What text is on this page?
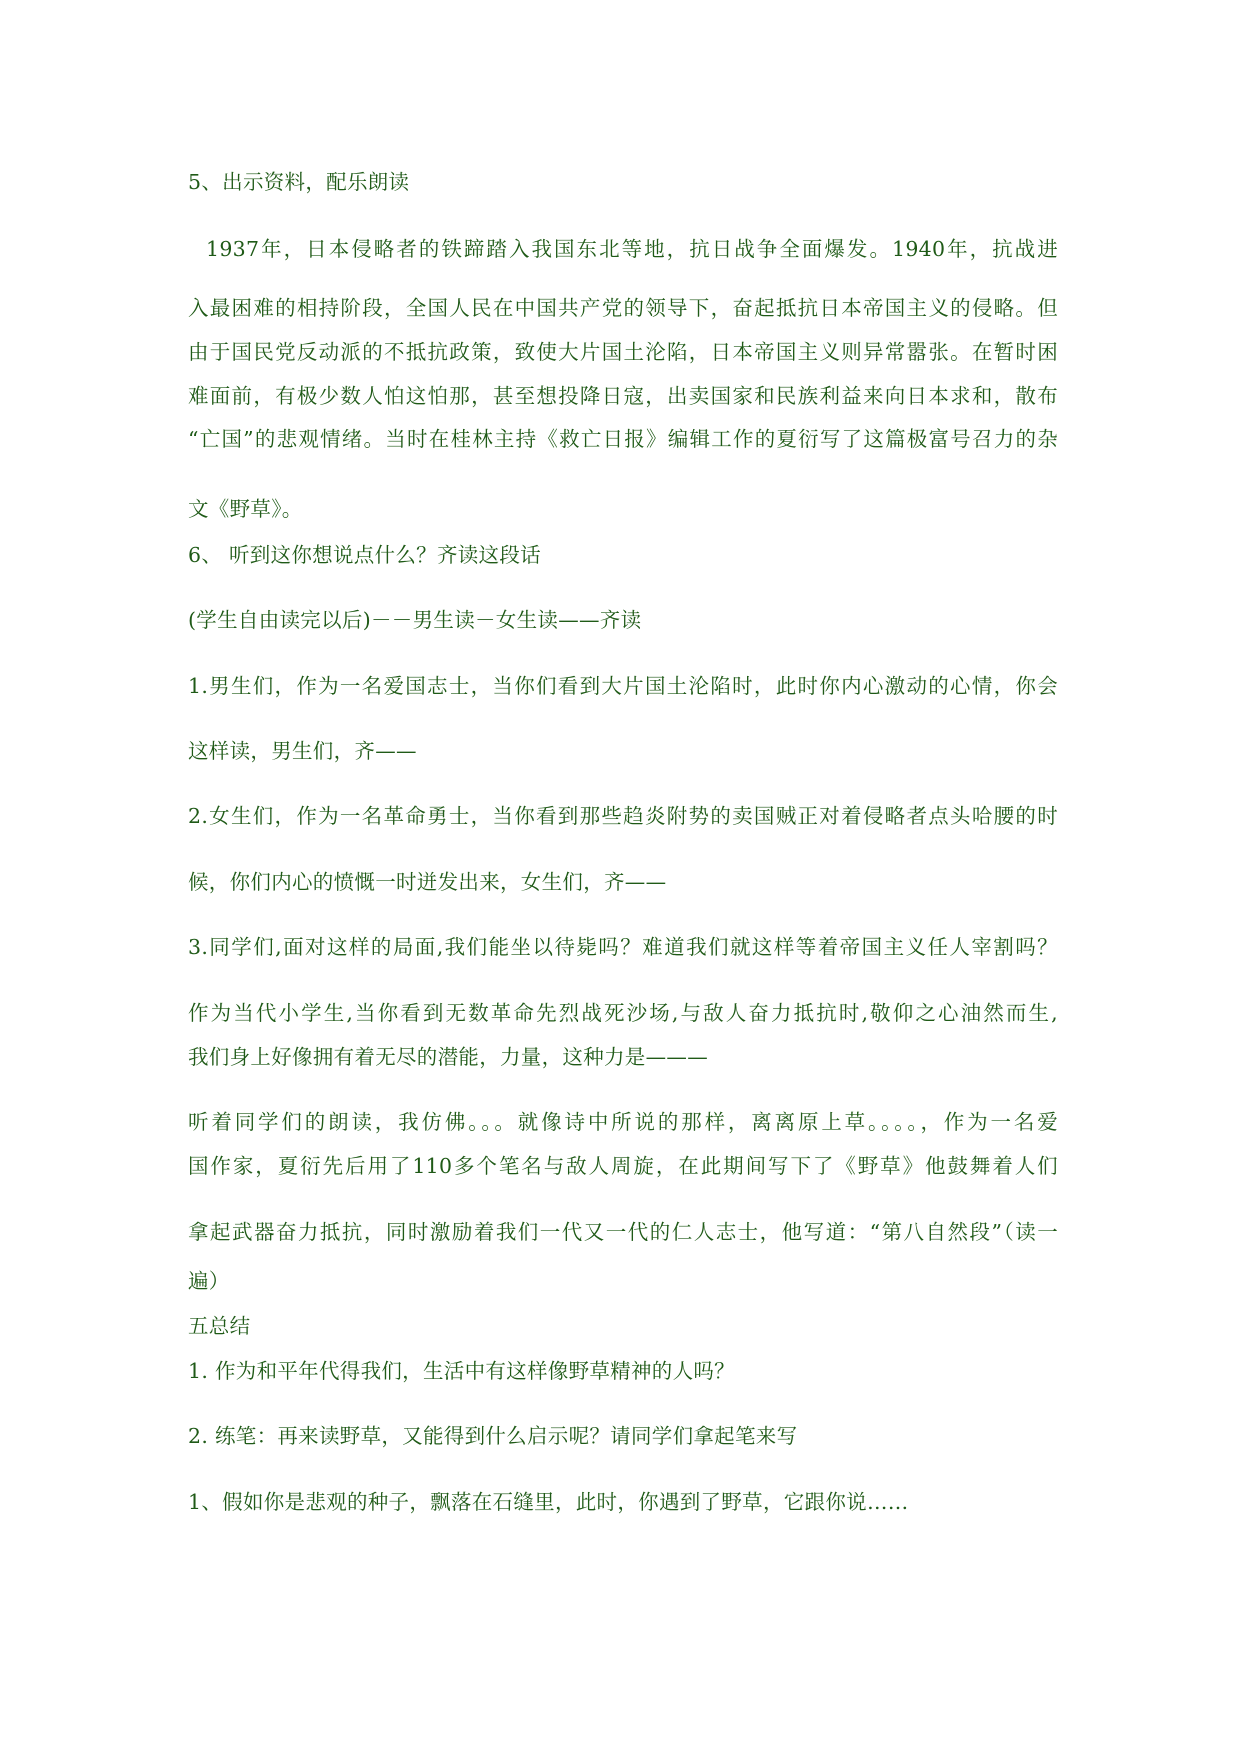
5、出示资料，配乐朗读
1937年，日本侵略者的铁蹄踏入我国东北等地，抗日战争全面爆发。1940年，抗战进
入最困难的相持阶段，全国人民在中国共产党的领导下，奋起抵抗日本帝国主义的侵略。但
由于国民党反动派的不抵抗政策，致使大片国土沦陷，日本帝国主义则异常嚣张。在暂时困
难面前，有极少数人怕这怕那，甚至想投降日寇，出卖国家和民族利益来向日本求和，散布
“亡国”的悲观情绪。当时在桂林主持《救亡日报》编辑工作的夏衍写了这篇极富号召力的杂
文《野草》。
6、 听到这你想说点什么？齐读这段话
(学生自由读完以后)－－男生读－女生读——齐读
1.男生们，作为一名爱国志士，当你们看到大片国土沦陷时，此时你内心激动的心情，你会
这样读，男生们，齐——
2.女生们，作为一名革命勇士，当你看到那些趋炎附势的卖国贼正对着侵略者点头哈腰的时
候，你们内心的愤慨一时迸发出来，女生们，齐——
3.同学们,面对这样的局面,我们能坐以待毙吗？难道我们就这样等着帝国主义任人宰割吗？
作为当代小学生,当你看到无数革命先烈战死沙场,与敌人奋力抵抗时,敬仰之心油然而生,
我们身上好像拥有着无尽的潜能，力量，这种力是———
听着同学们的朗读，我仿佛。。。就像诗中所说的那样，离离原上草。。。。，作为一名爱
国作家，夏衍先后用了110多个笔名与敌人周旋，在此期间写下了《野草》他鼓舞着人们
拿起武器奋力抵抗，同时激励着我们一代又一代的仁人志士，他写道：“第八自然段”（读一
遍）
五总结
1. 作为和平年代得我们，生活中有这样像野草精神的人吗？
2. 练笔：再来读野草，又能得到什么启示呢？请同学们拿起笔来写
1、假如你是悲观的种子，飘落在石缝里，此时，你遇到了野草，它跟你说……
